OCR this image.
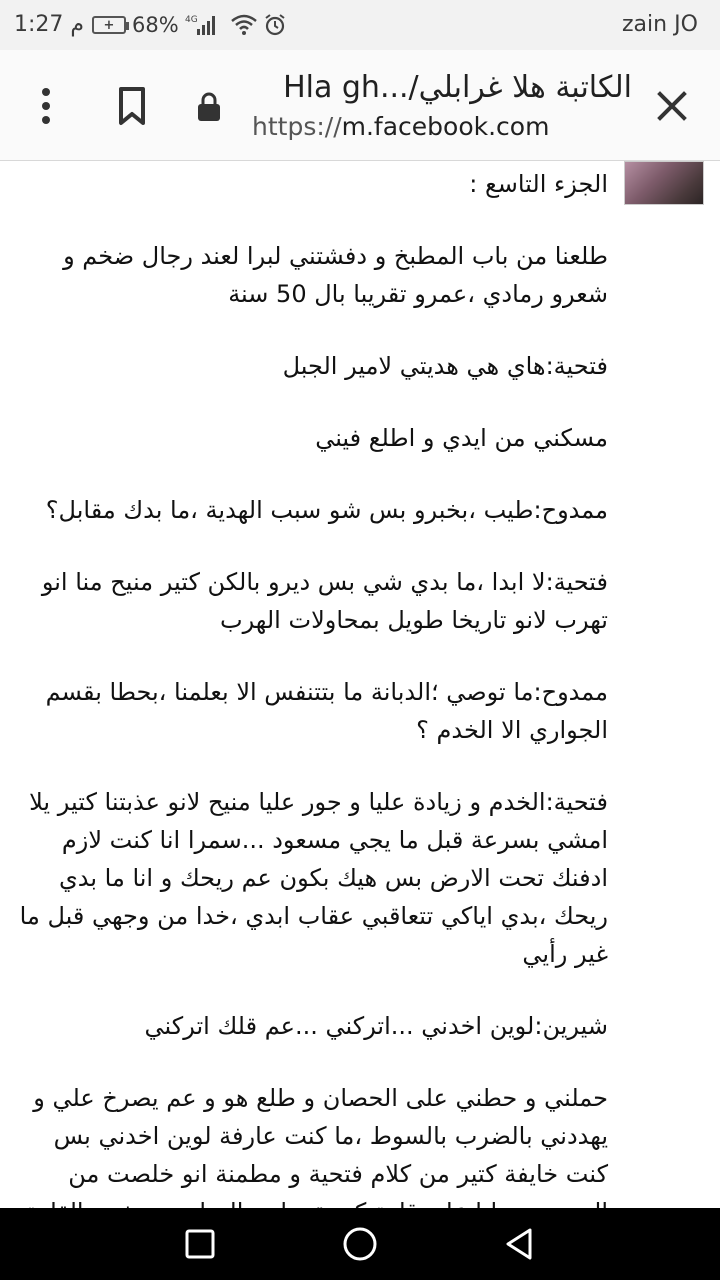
1:27 م	+ 68% 4G	zain JO
الكاتبة هلا غرابلي/...Hla gh
https://m.facebook.com

الجزء التاسع :

طلعنا من باب المطبخ و دفشتني لبرا لعند رجال ضخم و شعرو رمادي ،عمرو تقريبا بال 50 سنة

فتحية:هاي هي هديتي لامير الجبل

مسكني من ايدي و اطلع فيني

ممدوح:طيب ،بخبرو بس شو سبب الهدية ،ما بدك مقابل؟

فتحية:لا ابدا ،ما بدي شي بس ديرو بالكن كتير منيح منا انو تهرب لانو تاريخا طويل بمحاولات الهرب

ممدوح:ما توصي ؛الدبانة ما بتتنفس الا بعلمنا ،بحطا بقسم الجواري الا الخدم ؟

فتحية:الخدم و زيادة عليا و جور عليا منيح لانو عذبتنا كتير يلا امشي بسرعة قبل ما يجي مسعود ...سمرا انا كنت لازم ادفنك تحت الارض بس هيك بكون عم ريحك و انا ما بدي ريحك ،بدي اياكي تتعاقبي عقاب ابدي ،خدا من وجهي قبل ما غير رأيي

شيرين:لوين اخدني ...اتركني ...عم قلك اتركني

حملني و حطني على الحصان و طلع هو و عم يصرخ علي و يهددني بالضرب بالسوط ،ما كنت عارفة لوين اخدني بس كنت خايفة كتير من كلام فتحية و مطمنة انو خلصت من
